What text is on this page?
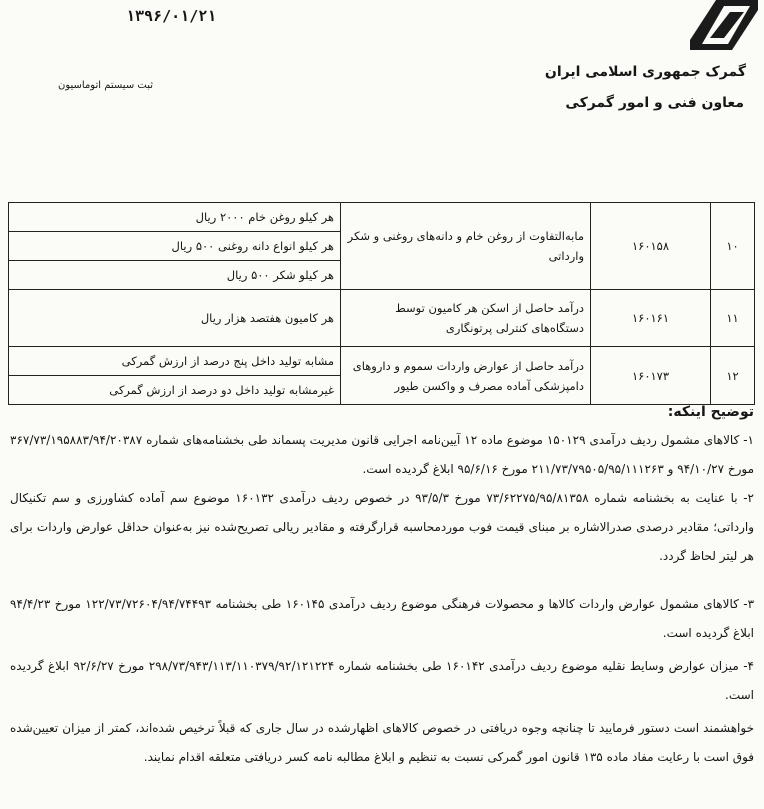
گمرک جمهوری اسلامی ایران
معاون فنی و امور گمرکی
۱۳۹۶/۰۱/۲۱
ثبت سیستم اتوماسیون
۱۰	۱۶۰۱۵۸	مابه‌التفاوت از روغن خام و دانه‌های روغنی و شکر وارداتی	هر کیلو روغن خام ۲۰۰۰ ریال
			هر کیلو انواع دانه روغنی ۵۰۰ ریال
			هر کیلو شکر ۵۰۰ ریال
۱۱	۱۶۰۱۶۱	درآمد حاصل از اسکن هر کامیون توسط دستگاه‌های کنترلی پرتونگاری	هر کامیون هفتصد هزار ریال
۱۲	۱۶۰۱۷۳	درآمد حاصل از عوارض واردات سموم و داروهای دامپزشکی آماده مصرف و واکسن طیور	مشابه تولید داخل پنج درصد از ارزش گمرکی
			غیرمشابه تولید داخل دو درصد از ارزش گمرکی
توضیح اینکه:

۱- کالاهای مشمول ردیف درآمدی ۱۵۰۱۲۹ موضوع ماده ۱۲ آیین‌نامه اجرایی قانون مدیریت پسماند طی بخشنامه‌های شماره ۳۶۷/۷۳/۱۹۵۸۸۳/۹۴/۲۰۳۸۷ مورخ ۹۴/۱۰/۲۷ و ۲۱۱/۷۳/۷۹۵۰۵/۹۵/۱۱۱۲۶۳ مورخ ۹۵/۶/۱۶ ابلاغ گردیده است.

۲- با عنایت به بخشنامه شماره ۷۳/۶۲۲۷۵/۹۵/۸۱۳۵۸ مورخ ۹۳/۵/۳ در خصوص ردیف درآمدی ۱۶۰۱۳۲ موضوع سم آماده کشاورزی و سم تکنیکال وارداتی؛ مقادیر درصدی صدرالاشاره بر مبنای قیمت فوب موردمحاسبه قرارگرفته و مقادیر ریالی تصریح‌شده نیز به‌عنوان حداقل عوارض واردات برای هر لیتر لحاظ گردد.

۳- کالاهای مشمول عوارض واردات کالاها و محصولات فرهنگی موضوع ردیف درآمدی ۱۶۰۱۴۵ طی بخشنامه ۱۲۲/۷۳/۷۲۶۰۴/۹۴/۷۴۴۹۳ مورخ ۹۴/۴/۲۳ ابلاغ گردیده است.

۴- میزان عوارض وسایط نقلیه موضوع ردیف درآمدی ۱۶۰۱۴۲ طی بخشنامه شماره ۲۹۸/۷۳/۹۴۳/۱۱۳/۱۱۰۳۷۹/۹۲/۱۲۱۲۲۴ مورخ ۹۲/۶/۲۷ ابلاغ گردیده است.

خواهشمند است دستور فرمایید تا چنانچه وجوه دریافتی در خصوص کالاهای اظهارشده در سال جاری که قبلاً ترخیص شده‌اند، کمتر از میزان تعیین‌شده فوق است با رعایت مفاد ماده ۱۳۵ قانون امور گمرکی نسبت به تنظیم و ابلاغ مطالبه نامه کسر دریافتی متعلقه اقدام نمایند.
